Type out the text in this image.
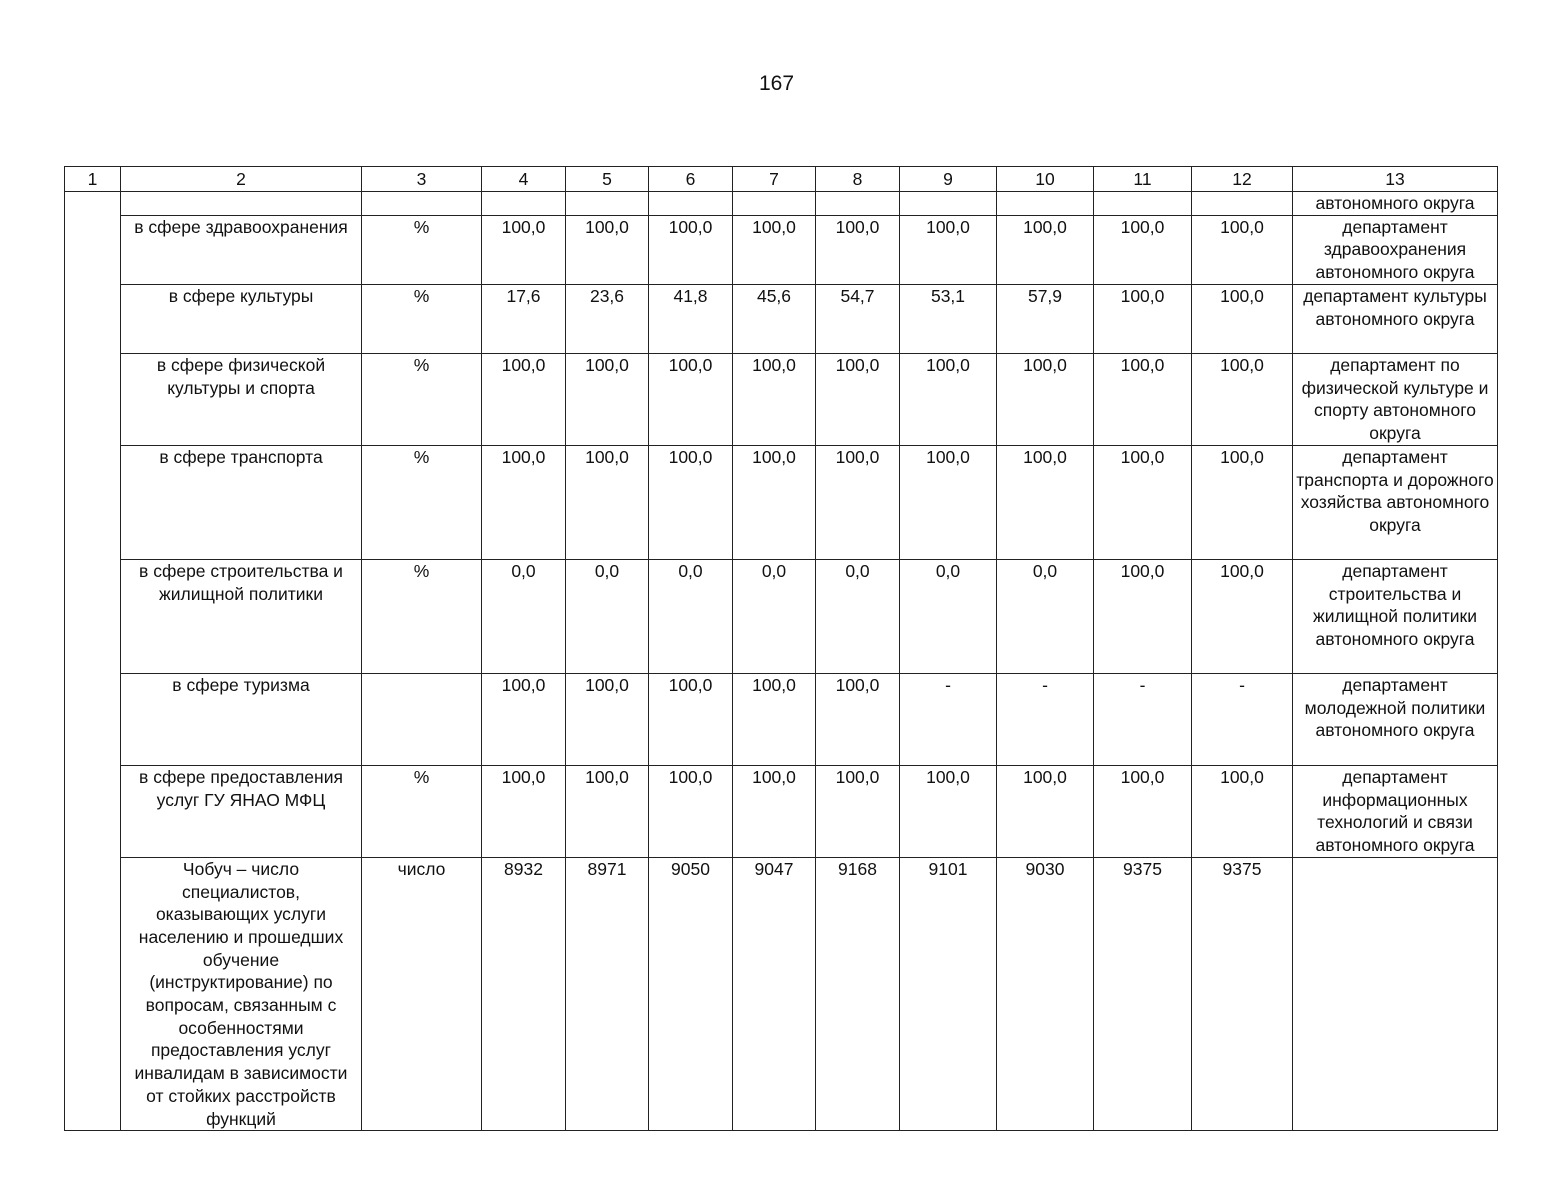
167
1	2	3	4	5	6	7	8	9	10	11	12	13
												автономного округа
	в сфере здравоохранения	%	100,0	100,0	100,0	100,0	100,0	100,0	100,0	100,0	100,0	департамент здравоохранения автономного округа
	в сфере культуры	%	17,6	23,6	41,8	45,6	54,7	53,1	57,9	100,0	100,0	департамент культуры автономного округа
	в сфере физической культуры и спорта	%	100,0	100,0	100,0	100,0	100,0	100,0	100,0	100,0	100,0	департамент по физической культуре и спорту автономного округа
	в сфере транспорта	%	100,0	100,0	100,0	100,0	100,0	100,0	100,0	100,0	100,0	департамент транспорта и дорожного хозяйства автономного округа
	в сфере строительства и жилищной политики	%	0,0	0,0	0,0	0,0	0,0	0,0	0,0	100,0	100,0	департамент строительства и жилищной политики автономного округа
	в сфере туризма		100,0	100,0	100,0	100,0	100,0	-	-	-	-	департамент молодежной политики автономного округа
	в сфере предоставления услуг ГУ ЯНАО МФЦ	%	100,0	100,0	100,0	100,0	100,0	100,0	100,0	100,0	100,0	департамент информационных технологий и связи автономного округа
	Чобуч – число специалистов, оказывающих услуги населению и прошедших обучение (инструктирование) по вопросам, связанным с особенностями предоставления услуг инвалидам в зависимости от стойких расстройств функций	число	8932	8971	9050	9047	9168	9101	9030	9375	9375	
